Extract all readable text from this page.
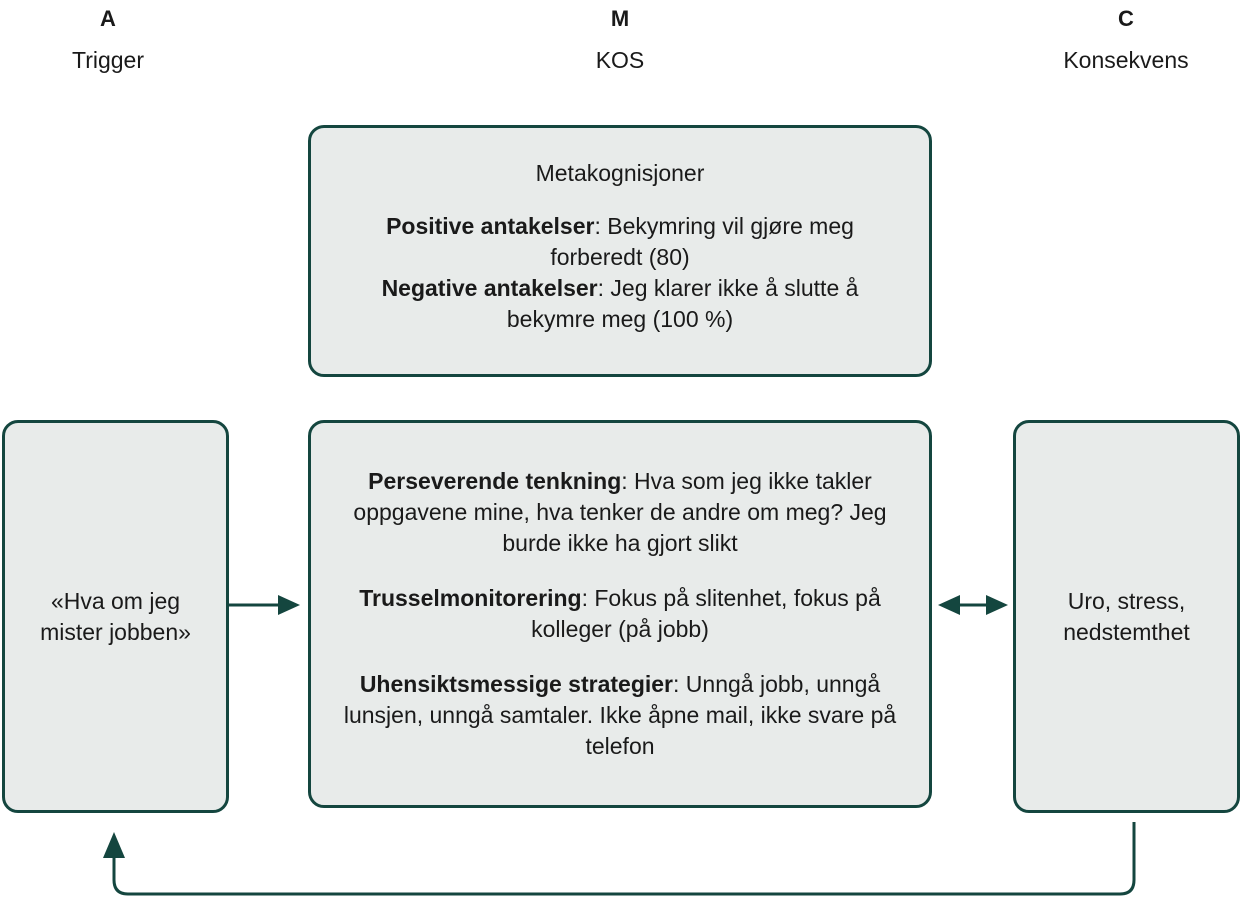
A
Trigger
M
KOS
C
Konsekvens

Metakognisjoner

Positive antakelser: Bekymring vil gjøre meg forberedt (80)

Negative antakelser: Jeg klarer ikke å slutte å bekymre meg (100 %)

Perseverende tenkning: Hva som jeg ikke takler oppgavene mine, hva tenker de andre om meg? Jeg burde ikke ha gjort slikt

Trusselmonitorering: Fokus på slitenhet, fokus på kolleger (på jobb)

Uhensiktsmessige strategier: Unngå jobb, unngå lunsjen, unngå samtaler. Ikke åpne mail, ikke svare på telefon

«Hva om jeg mister jobben»

Uro, stress, nedstemthet
